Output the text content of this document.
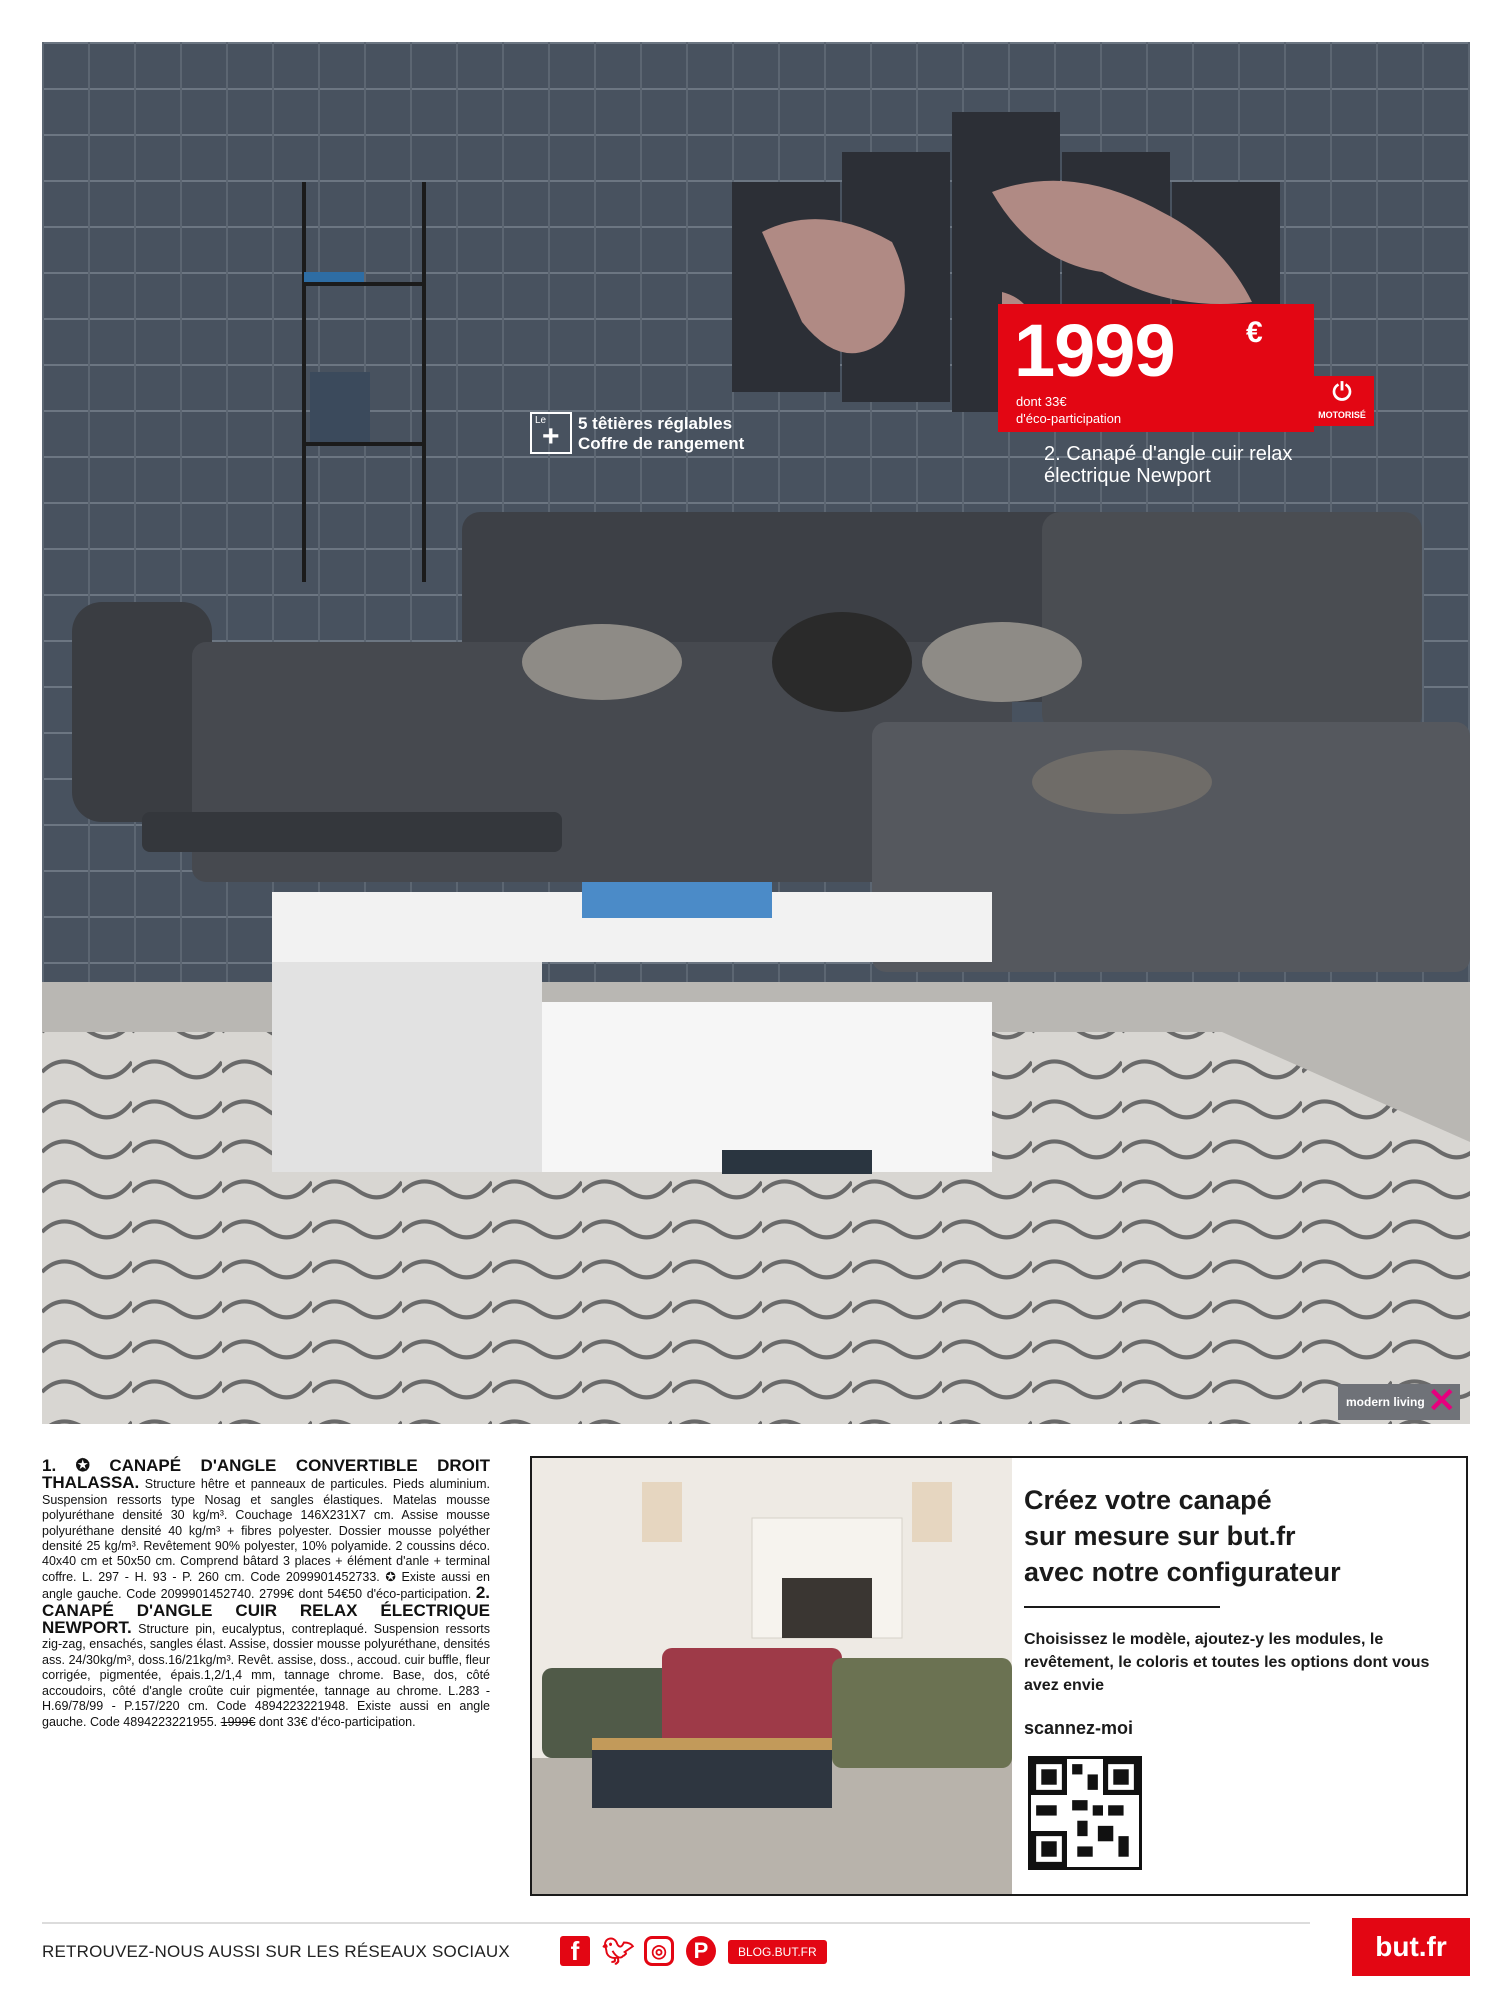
Le
+ 5 têtières réglables
Coffre de rangement
1999 €
dont 33€
d'éco-participation
⏻
MOTORISÉ
2. Canapé d'angle cuir relax
électrique Newport
modern living ✕
1. ✪ CANAPÉ D'ANGLE CONVERTIBLE DROIT THALASSA. Structure hêtre et panneaux de particules. Pieds aluminium. Suspension ressorts type Nosag et sangles élastiques. Matelas mousse polyuréthane densité 30 kg/m³. Couchage 146X231X7 cm. Assise mousse polyuréthane densité 40 kg/m³ + fibres polyester. Dossier mousse polyéther densité 25 kg/m³. Revêtement 90% polyester, 10% polyamide. 2 coussins déco. 40x40 cm et 50x50 cm. Comprend bâtard 3 places + élément d'anle + terminal coffre. L. 297 - H. 93 - P. 260 cm. Code 2099901452733. ✪ Existe aussi en angle gauche. Code 2099901452740. 2799€ dont 54€50 d'éco-participation. 2. CANAPÉ D'ANGLE CUIR RELAX ÉLECTRIQUE NEWPORT. Structure pin, eucalyptus, contreplaqué. Suspension ressorts zig-zag, ensachés, sangles élast. Assise, dossier mousse polyuréthane, densités ass. 24/30kg/m³, doss.16/21kg/m³. Revêt. assise, doss., accoud. cuir buffle, fleur corrigée, pigmentée, épais.1,2/1,4 mm, tannage chrome. Base, dos, côté accoudoirs, côté d'angle croûte cuir pigmentée, tannage au chrome. L.283 - H.69/78/99 - P.157/220 cm. Code 4894223221948. Existe aussi en angle gauche. Code 4894223221955. 1999€ dont 33€ d'éco-participation.
Créez votre canapé
sur mesure sur but.fr
avec notre configurateur
Choisissez le modèle, ajoutez-y les modules, le revêtement, le coloris et toutes les options dont vous avez envie
scannez-moi
RETROUVEZ-NOUS AUSSI SUR LES RÉSEAUX SOCIAUX	f 🐦︎ ◎	P	BLOG.BUT.FR	but.fr
